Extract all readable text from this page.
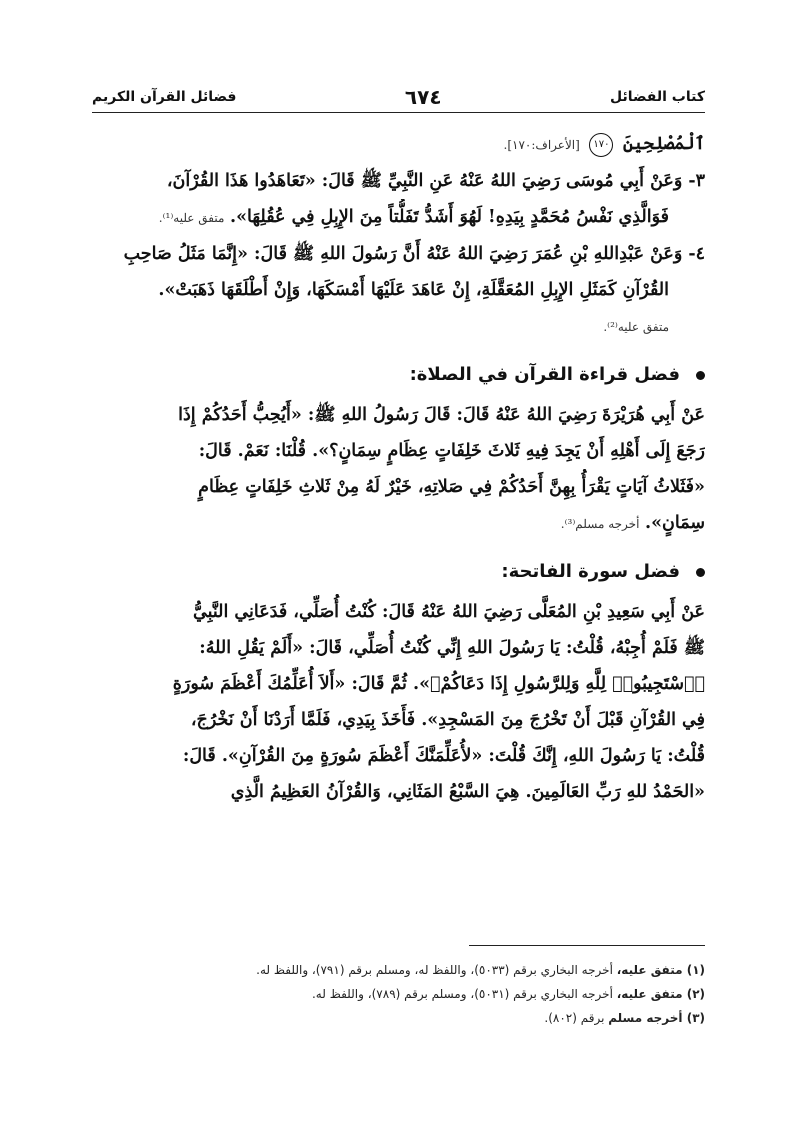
كتاب الفضائل
٦٧٤
فضائل القرآن الكريم
ٱلْمُصْلِحِينَ ١٧٠ [الأعراف:١٧٠].
٣-وَعَنْ أَبِي مُوسَى رَضِيَ اللهُ عَنْهُ عَنِ النَّبِيِّ ﷺ قَالَ: «تَعَاهَدُوا هَذَا القُرْآنَ،
فَوَالَّذِي نَفْسُ مُحَمَّدٍ بِيَدِهِ! لَهُوَ أَشَدُّ تَفَلُّتاً مِنَ الإِبِلِ فِي عُقُلِهَا». متفق عليه⁽¹⁾.
٤-وَعَنْ عَبْدِاللهِ بْنِ عُمَرَ رَضِيَ اللهُ عَنْهُ أَنَّ رَسُولَ اللهِ ﷺ قَالَ: «إِنَّمَا مَثَلُ صَاحِبِ
القُرْآنِ كَمَثَلِ الإِبِلِ المُعَقَّلَةِ، إِنْ عَاهَدَ عَلَيْهَا أَمْسَكَهَا، وَإِنْ أَطْلَقَهَا ذَهَبَتْ».
متفق عليه⁽²⁾.
فضل قراءة القرآن في الصلاة:
عَنْ أَبِي هُرَيْرَةَ رَضِيَ اللهُ عَنْهُ قَالَ: قَالَ رَسُولُ اللهِ ﷺ: «أَيُحِبُّ أَحَدُكُمْ إِذَا
رَجَعَ إِلَى أَهْلِهِ أَنْ يَجِدَ فِيهِ ثَلاثَ خَلِفَاتٍ عِظَامٍ سِمَانٍ؟». قُلْنَا: نَعَمْ. قَالَ:
«فَثَلاثُ آيَاتٍ يَقْرَأُ بِهِنَّ أَحَدُكُمْ فِي صَلاتِهِ، خَيْرٌ لَهُ مِنْ ثَلاثِ خَلِفَاتٍ عِظَامٍ
سِمَانٍ». أخرجه مسلم⁽³⁾.
فضل سورة الفاتحة:
عَنْ أَبِي سَعِيدِ بْنِ المُعَلَّى رَضِيَ اللهُ عَنْهُ قَالَ: كُنْتُ أُصَلِّي، فَدَعَانِي النَّبِيُّ
ﷺ فَلَمْ أُجِبْهُ، قُلْتُ: يَا رَسُولَ اللهِ إِنِّي كُنْتُ أُصَلِّي، قَالَ: «أَلَمْ يَقُلِ اللهُ:
﴿ٱسْتَجِيبُوا۟ لِلَّهِ وَلِلرَّسُولِ إِذَا دَعَاكُمْ﴾». ثُمَّ قَالَ: «أَلاَ أُعَلِّمُكَ أَعْظَمَ سُورَةٍ
فِي القُرْآنِ قَبْلَ أَنْ تَخْرُجَ مِنَ المَسْجِدِ». فَأَخَذَ بِيَدِي، فَلَمَّا أَرَدْنَا أَنْ نَخْرُجَ،
قُلْتُ: يَا رَسُولَ اللهِ، إِنَّكَ قُلْتَ: «لأُعَلِّمَنَّكَ أَعْظَمَ سُورَةٍ مِنَ القُرْآنِ». قَالَ:
«الحَمْدُ للهِ رَبِّ العَالَمِينَ. هِيَ السَّبْعُ المَثَانِي، وَالقُرْآنُ العَظِيمُ الَّذِي
(١) متفق عليه، أخرجه البخاري برقم (٥٠٣٣)، واللفظ له، ومسلم برقم (٧٩١)، واللفظ له.
(٢) متفق عليه، أخرجه البخاري برقم (٥٠٣١)، ومسلم برقم (٧٨٩)، واللفظ له.
(٣) أخرجه مسلم برقم (٨٠٢).
